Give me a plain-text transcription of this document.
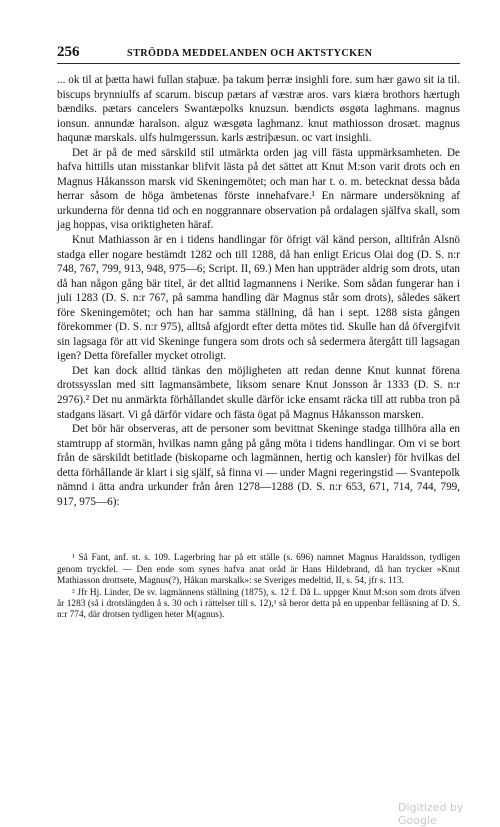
256	STRÖDDA MEDDELANDEN OCH AKTSTYCKEN

... ok til at þætta hawi fullan staþuæ. þa takum þerræ insighli fore. sum hær gawo sit ia til. biscups brynniulfs af scarum. biscup pætars af væstræ aros. vars kiæra brothors hærtugh bændiks. pætars cancelers Swantæpolks knuzsun. bændicts øsgøta laghmans. magnus ionsun. annundæ haralson. alguz wæsgøta laghmanz. knut mathiosson drosæt. magnus haqunæ marskals. ulfs hulmgerssun. karls æstriþæsun. oc vart insighli.

Det är på de med särskild stil utmärkta orden jag vill fästa uppmärksamheten. De hafva hittills utan misstankar blifvit lästa på det sättet att Knut M:son varit drots och en Magnus Håkansson marsk vid Skeningemötet; och man har t. o. m. betecknat dessa båda herrar såsom de höga ämbetenas förste innehafvare.¹ En närmare undersökning af urkunderna för denna tid och en noggrannare observation på ordalagen själfva skall, som jag hoppas, visa oriktigheten häraf.

Knut Mathiasson är en i tidens handlingar för öfrigt väl känd person, alltifrån Alsnö stadga eller nogare bestämdt 1282 och till 1288, då han enligt Ericus Olai dog (D. S. n:r 748, 767, 799, 913, 948, 975—6; Script. II, 69.) Men han uppträder aldrig som drots, utan då han någon gång bär titel, är det alltid lagmannens i Nerike. Som sådan fungerar han i juli 1283 (D. S. n:r 767, på samma handling där Magnus står som drots), således säkert före Skeningemötet; och han har samma ställning, då han i sept. 1288 sista gången förekommer (D. S. n:r 975), alltså afgjordt efter detta mötes tid. Skulle han då öfvergifvit sin lagsaga för att vid Skeninge fungera som drots och så sedermera återgått till lagsagan igen? Detta förefaller mycket otroligt.

Det kan dock alltid tänkas den möjligheten att redan denne Knut kunnat förena drotssysslan med sitt lagmansämbete, liksom senare Knut Jonsson år 1333 (D. S. n:r 2976).² Det nu anmärkta förhållandet skulle därför icke ensamt räcka till att rubba tron på stadgans läsart. Vi gå därför vidare och fästa ögat på Magnus Håkansson marsken.

Det bör här observeras, att de personer som bevittnat Skeninge stadga tillhöra alla en stamtrupp af stormän, hvilkas namn gång på gång möta i tidens handlingar. Om vi se bort från de särskildt betitlade (biskoparne och lagmännen, hertig och kansler) för hvilkas del detta förhållande är klart i sig själf, så finna vi — under Magni regeringstid — Svantepolk nämnd i ätta andra urkunder från åren 1278—1288 (D. S. n:r 653, 671, 714, 744, 799, 917, 975—6):

¹ Så Fant, anf. st. s. 109. Lagerbring har på ett ställe (s. 696) namnet Magnus Haraldsson, tydligen genom tryckfel. — Den ende som synes hafva anat oråd är Hans Hildebrand, då han trycker »Knut Mathiasson drottsete, Magnus(?), Håkan marskalk»: se Sveriges medeltid, II, s. 54, jfr s. 113.

² Jfr Hj. Linder, De sv. lagmännens ställning (1875), s. 12 f. Då L. uppger Knut M:son som drots äfven år 1283 (så i drotslängden å s. 30 och i rättelser till s. 12),¹ så beror detta på en uppenbar felläsning af D. S. n:r 774, där drotsen tydligen heter M(agnus).

Digitized by Google
